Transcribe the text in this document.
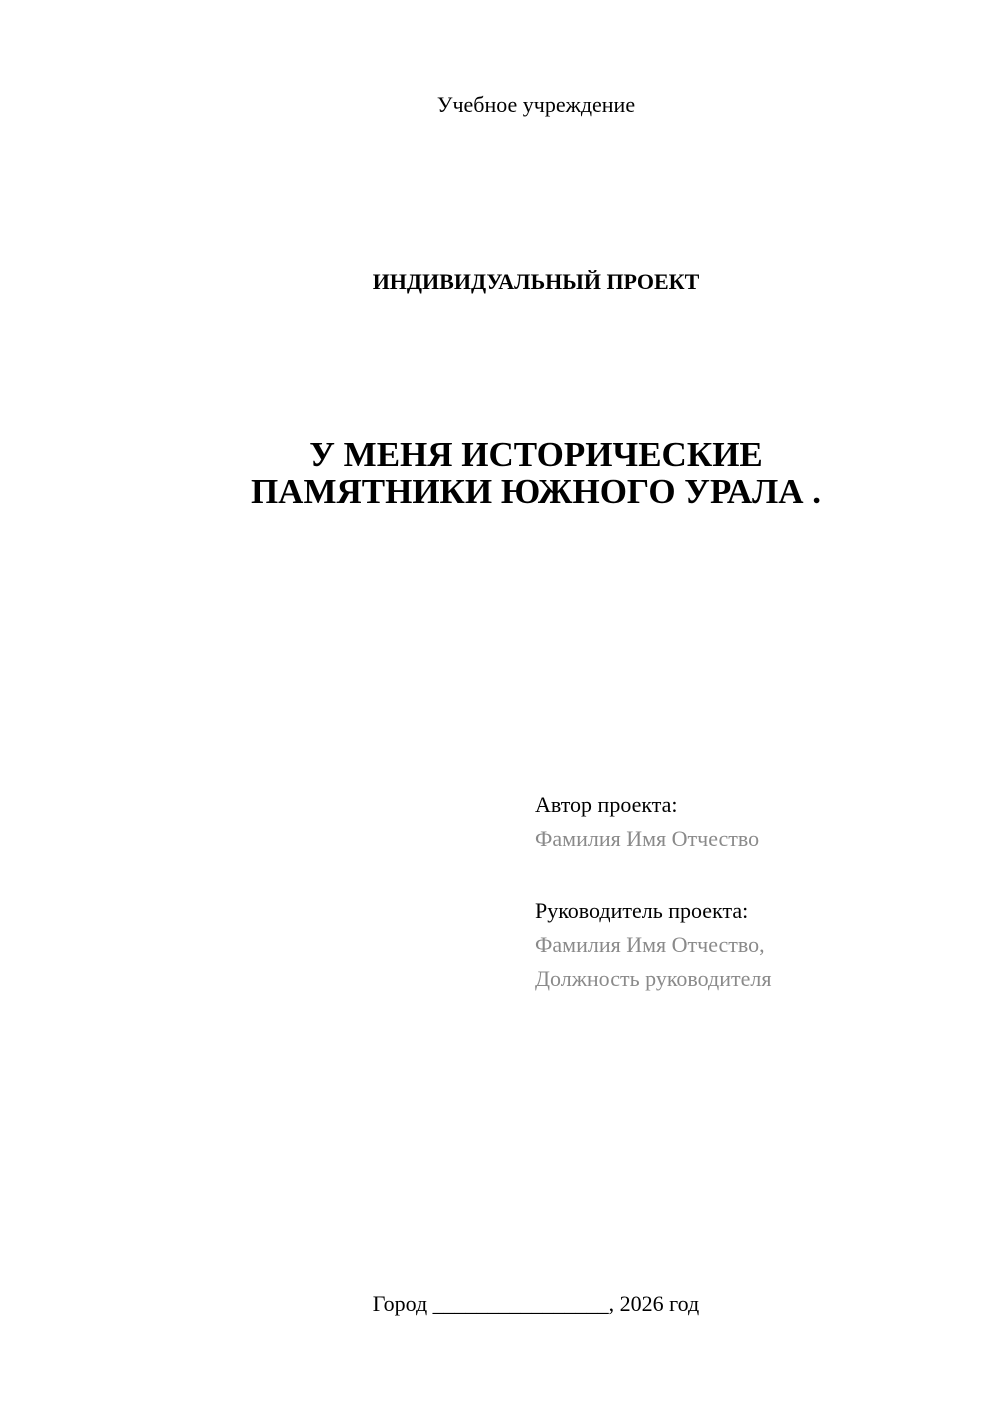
Учебное учреждение
ИНДИВИДУАЛЬНЫЙ ПРОЕКТ
У МЕНЯ ИСТОРИЧЕСКИЕ
ПАМЯТНИКИ ЮЖНОГО УРАЛА .
Автор проекта:
Фамилия Имя Отчество
Руководитель проекта:
Фамилия Имя Отчество,
Должность руководителя
Город ________________, 2026 год
